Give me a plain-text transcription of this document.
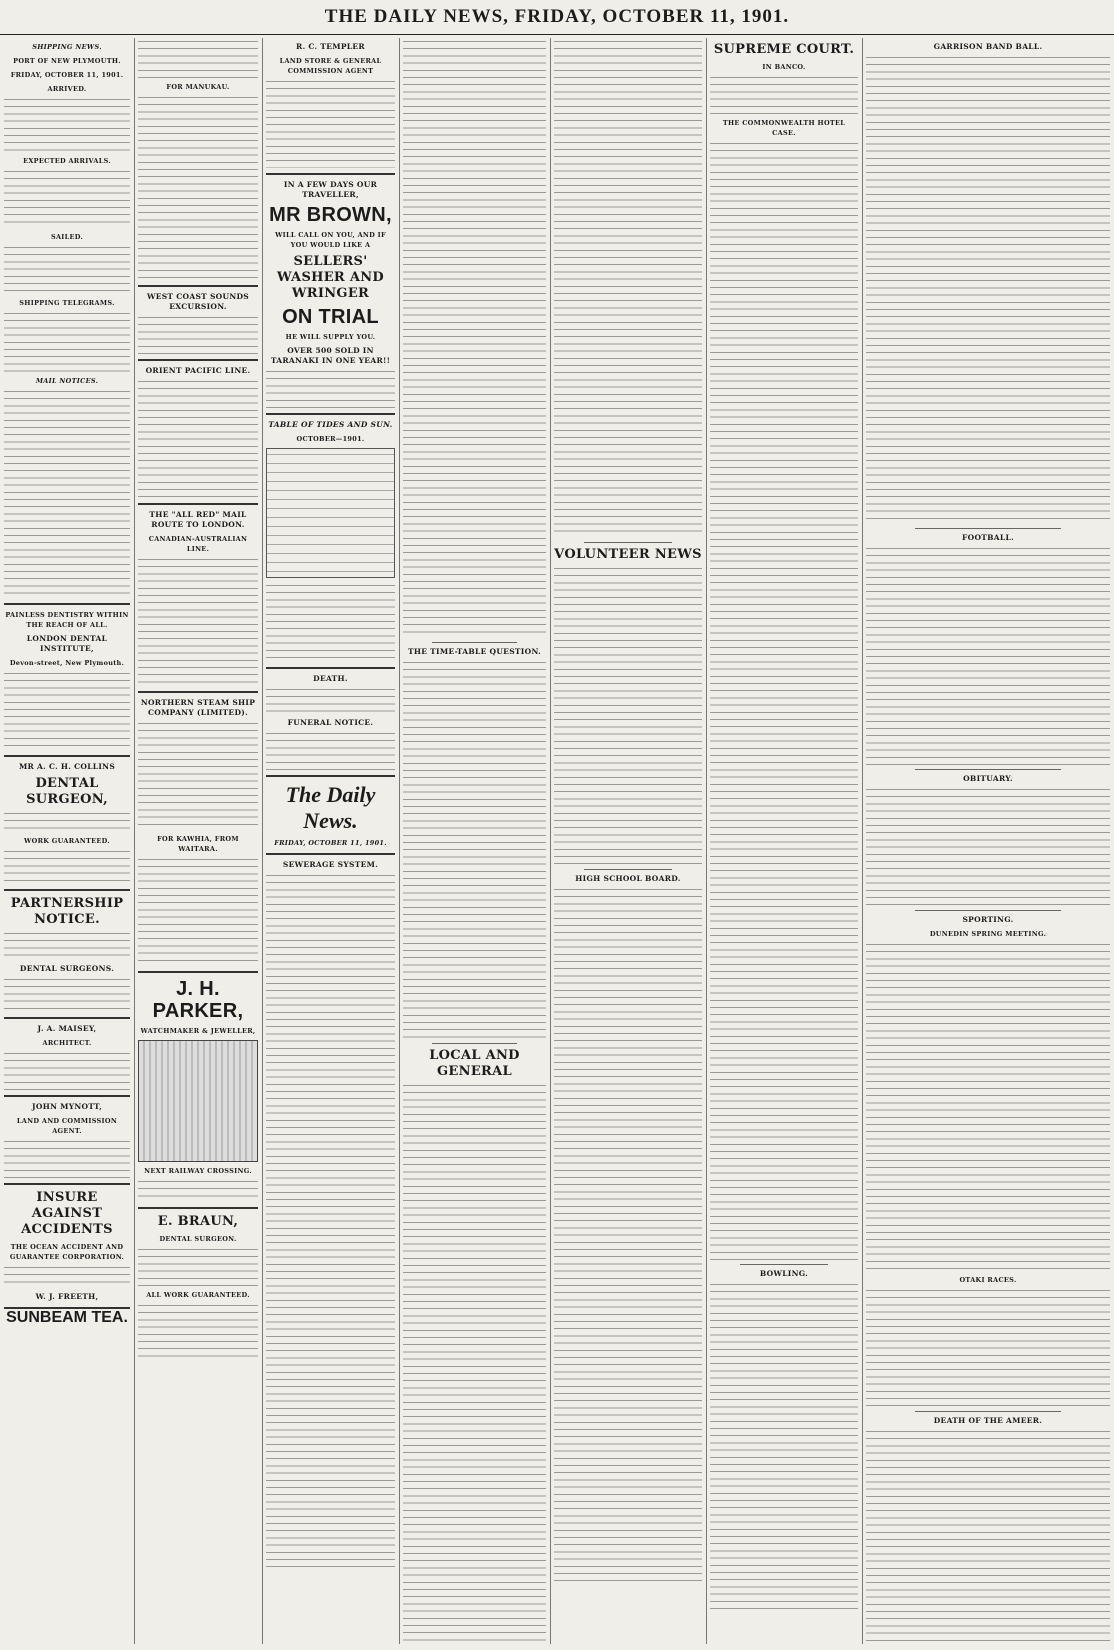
THE DAILY NEWS, FRIDAY, OCTOBER 11, 1901.
SHIPPING NEWS.
PORT OF NEW PLYMOUTH.
FRIDAY, OCTOBER 11, 1901.
ARRIVED.
EXPECTED ARRIVALS.
SAILED.
SHIPPING TELEGRAMS.
MAIL NOTICES.
PAINLESS DENTISTRY WITHIN THE REACH OF ALL.
LONDON DENTAL INSTITUTE,
Devon-street, New Plymouth.
MR A. C. H. COLLINS
DENTAL SURGEON,
WORK GUARANTEED.
PARTNERSHIP NOTICE.
DENTAL SURGEONS.
J. A. MAISEY,
ARCHITECT.
JOHN MYNOTT,
LAND AND COMMISSION AGENT.
INSURE AGAINST ACCIDENTS
THE OCEAN ACCIDENT AND GUARANTEE CORPORATION.
W. J. FREETH,
SUNBEAM TEA.
FOR MANUKAU.
WEST COAST SOUNDS EXCURSION.
ORIENT PACIFIC LINE.
THE "ALL RED" MAIL ROUTE TO LONDON.
CANADIAN-AUSTRALIAN LINE.
NORTHERN STEAM SHIP COMPANY (LIMITED).
FOR KAWHIA, FROM WAITARA.
J. H. PARKER,
WATCHMAKER & JEWELLER,
NEXT RAILWAY CROSSING.
E. BRAUN,
DENTAL SURGEON.
ALL WORK GUARANTEED.
R. C. TEMPLER
LAND STORE & GENERAL COMMISSION AGENT
IN A FEW DAYS OUR TRAVELLER,
MR BROWN,
WILL CALL ON YOU, AND IF YOU WOULD LIKE A
SELLERS' WASHER AND WRINGER
ON TRIAL
HE WILL SUPPLY YOU.
OVER 500 SOLD IN TARANAKI IN ONE YEAR!!
TABLE OF TIDES AND SUN.
OCTOBER—1901.
DEATH.
FUNERAL NOTICE.
The Daily News.
FRIDAY, OCTOBER 11, 1901.
SEWERAGE SYSTEM.
THE TIME-TABLE QUESTION.
LOCAL AND GENERAL
VOLUNTEER NEWS
HIGH SCHOOL BOARD.
SUPREME COURT.
IN BANCO.
THE COMMONWEALTH HOTEL CASE.
BOWLING.
GARRISON BAND BALL.
FOOTBALL.
OBITUARY.
SPORTING.
DUNEDIN SPRING MEETING.
OTAKI RACES.
DEATH OF THE AMEER.
